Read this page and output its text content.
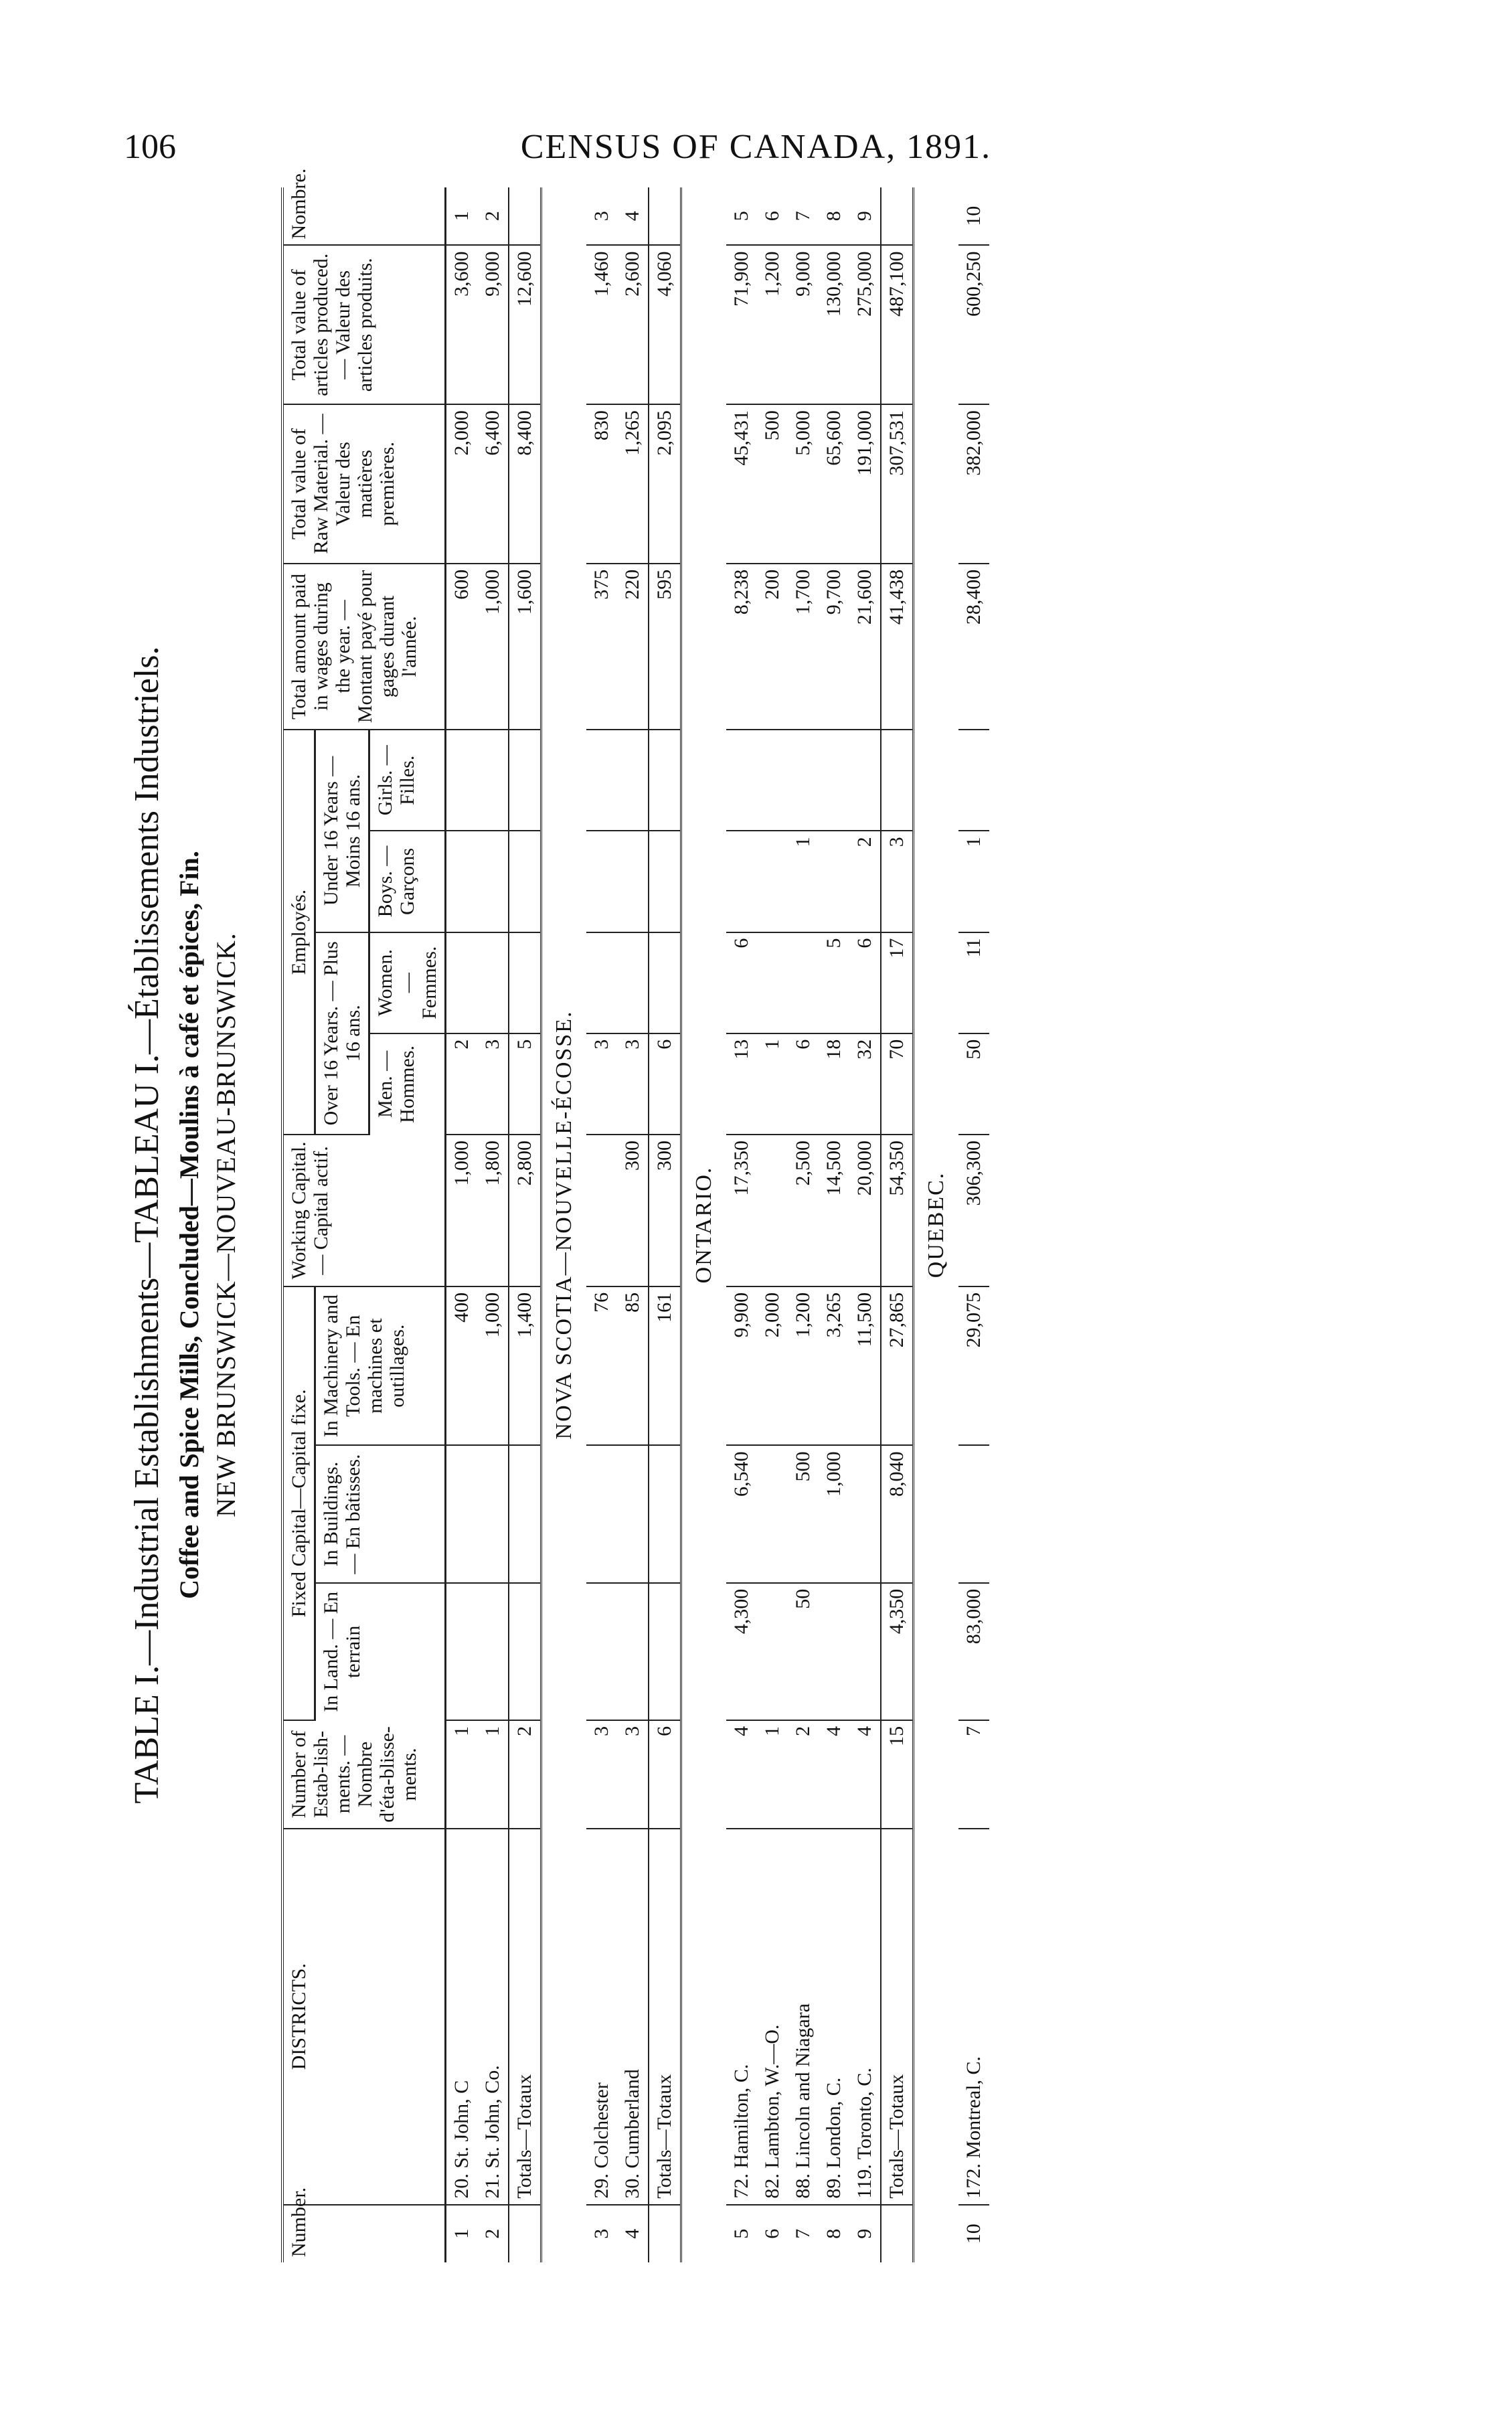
106	CENSUS OF CANADA, 1891.
TABLE I.—Industrial Establishments—TABLEAU I.—Établissements Industriels. Coffee and Spice Mills, Concluded—Moulins à café et épices, Fin. NEW BRUNSWICK—NOUVEAU-BRUNSWICK.
Number.	DISTRICTS.	Number of Estab-lish-ments. — Nombre d'éta-blisse-ments.	Fixed Capital—Capital fixe.			Working Capital. — Capital actif.	Employés.				Total amount paid in wages during the year. — Montant payé pour gages durant l'année.	Total value of Raw Material. — Valeur des matières premières.	Total value of articles produced. — Valeur des articles produits.	Nombre.
			In Land. — En terrain	In Buildings. — En bâtisses.	In Machinery and Tools. — En machines et outillages.		Over 16 Years. — Plus 16 ans.		Under 16 Years — Moins 16 ans.					
							Men. — Hommes.	Women. — Femmes.	Boys. — Garçons	Girls. — Filles.				
1	20. St. John, C	1			400	1,000	2				600	2,000	3,600	1
2	21. St. John, Co.	1			1,000	1,800	3				1,000	6,400	9,000	2
	Totals—Totaux	2			1,400	2,800	5				1,600	8,400	12,600	
NOVA SCOTIA—NOUVELLE-ÉCOSSE.														
3	29. Colchester	3			76		3				375	830	1,460	3
4	30. Cumberland	3			85	300	3				220	1,265	2,600	4
	Totals—Totaux	6			161	300	6				595	2,095	4,060	
ONTARIO.														
5	72. Hamilton, C.	4	4,300	6,540	9,900	17,350	13	6			8,238	45,431	71,900	5
6	82. Lambton, W.—O.	1			2,000		1				200	500	1,200	6
7	88. Lincoln and Niagara	2	50	500	1,200	2,500	6		1		1,700	5,000	9,000	7
8	89. London, C.	4		1,000	3,265	14,500	18	5			9,700	65,600	130,000	8
9	119. Toronto, C.	4			11,500	20,000	32	6	2		21,600	191,000	275,000	9
	Totals—Totaux	15	4,350	8,040	27,865	54,350	70	17	3		41,438	307,531	487,100	
QUEBEC.														
10	172. Montreal, C.	7	83,000		29,075	306,300	50	11	1		28,400	382,000	600,250	10
